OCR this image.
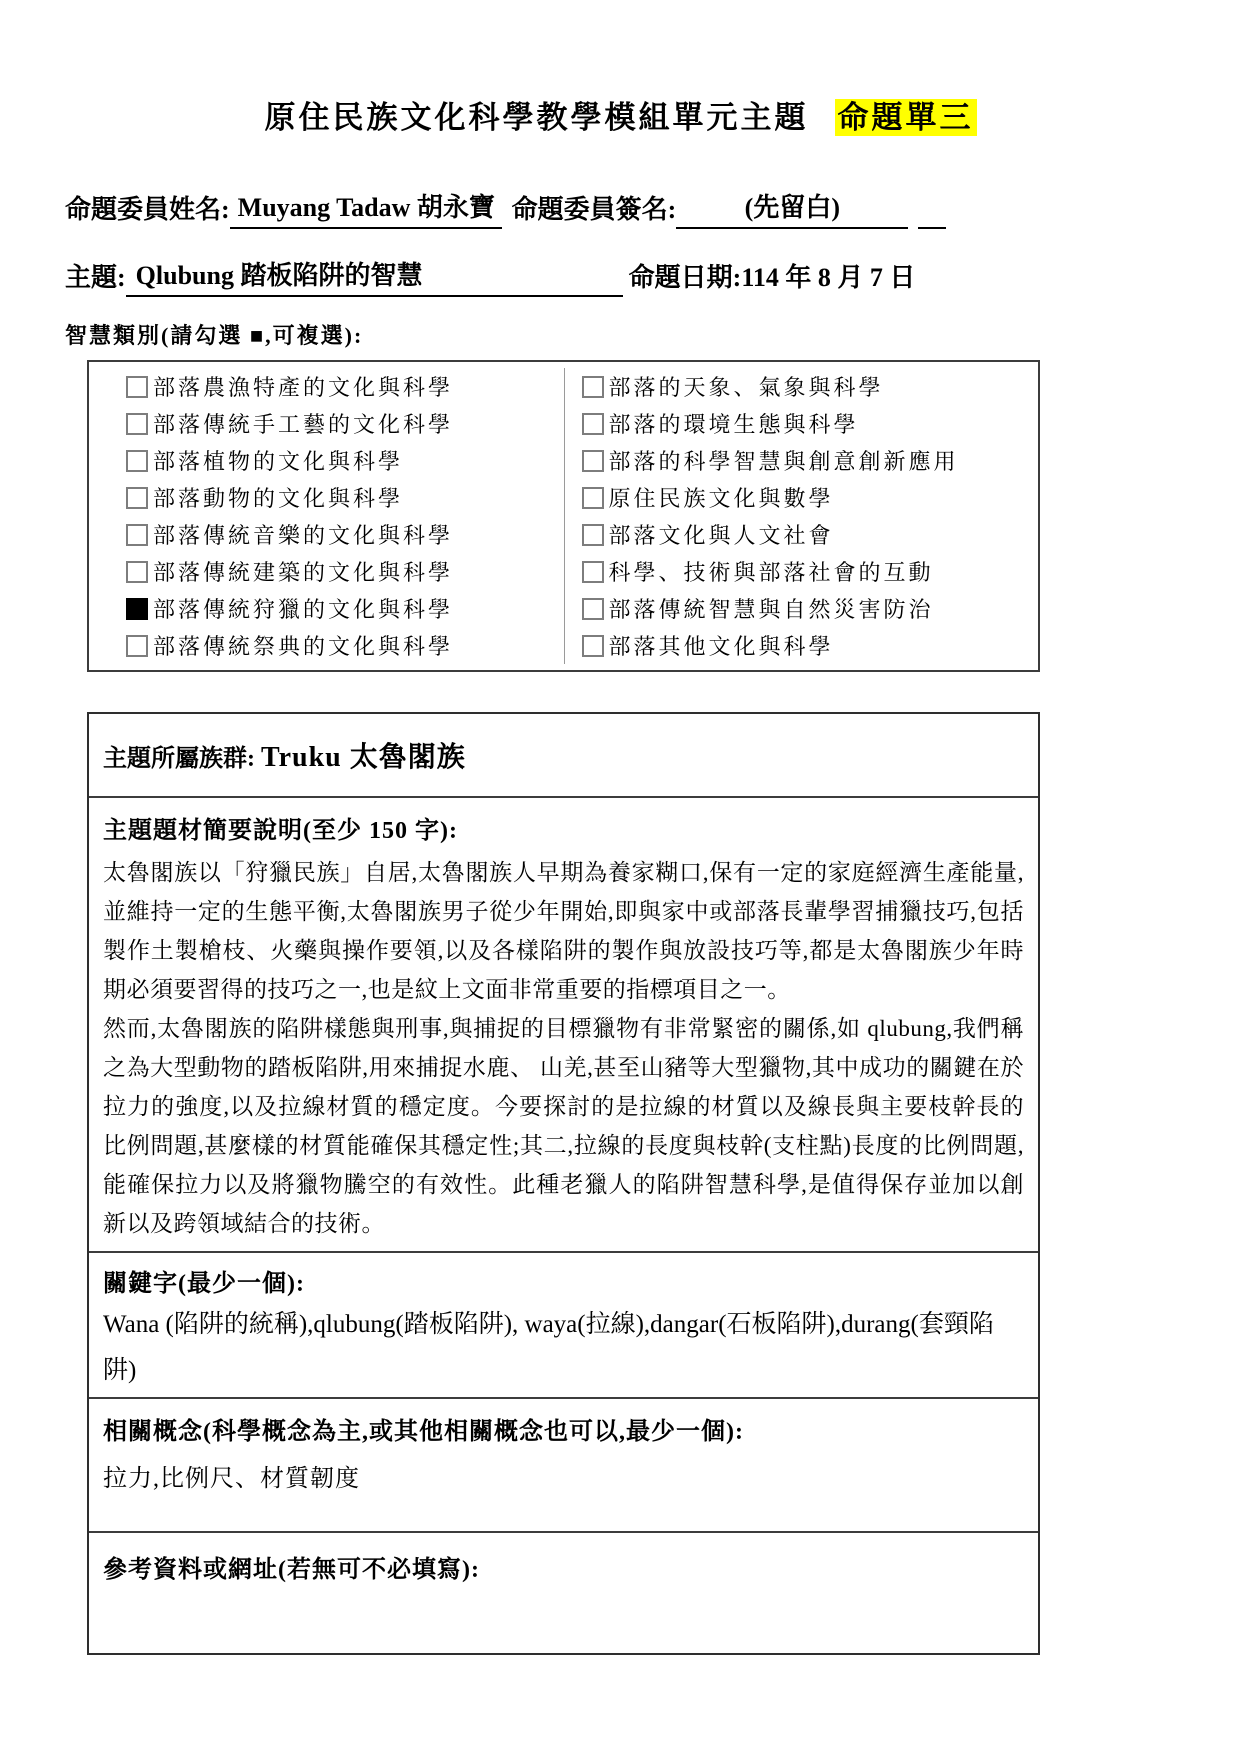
原住民族文化科學教學模組單元主題 命題單三
命題委員姓名: Muyang Tadaw 胡永寶 命題委員簽名:	(先留白)
主題: Qlubung 踏板陷阱的智慧	命題日期:114 年 8 月 7 日
智慧類別(請勾選 ■,可複選):
部落農漁特產的文化與科學
部落傳統手工藝的文化科學
部落植物的文化與科學
部落動物的文化與科學
部落傳統音樂的文化與科學
部落傳統建築的文化與科學
部落傳統狩獵的文化與科學
部落傳統祭典的文化與科學
部落的天象、氣象與科學
部落的環境生態與科學
部落的科學智慧與創意創新應用
原住民族文化與數學
部落文化與人文社會
科學、技術與部落社會的互動
部落傳統智慧與自然災害防治
部落其他文化與科學
主題所屬族群: Truku 太魯閣族
主題題材簡要說明(至少 150 字):

太魯閣族以「狩獵民族」自居,太魯閣族人早期為養家糊口,保有一定的家庭經濟生產能量,並維持一定的生態平衡,太魯閣族男子從少年開始,即與家中或部落長輩學習捕獵技巧,包括製作土製槍枝、火藥與操作要領,以及各樣陷阱的製作與放設技巧等,都是太魯閣族少年時期必須要習得的技巧之一,也是紋上文面非常重要的指標項目之一。

然而,太魯閣族的陷阱樣態與刑事,與捕捉的目標獵物有非常緊密的關係,如 qlubung,我們稱之為大型動物的踏板陷阱,用來捕捉水鹿、 山羌,甚至山豬等大型獵物,其中成功的關鍵在於拉力的強度,以及拉線材質的穩定度。今要探討的是拉線的材質以及線長與主要枝幹長的比例問題,甚麼樣的材質能確保其穩定性;其二,拉線的長度與枝幹(支柱點)長度的比例問題,能確保拉力以及將獵物騰空的有效性。此種老獵人的陷阱智慧科學,是值得保存並加以創新以及跨領域結合的技術。

關鍵字(最少一個):
Wana (陷阱的統稱),qlubung(踏板陷阱), waya(拉線),dangar(石板陷阱),durang(套頸陷阱)
相關概念(科學概念為主,或其他相關概念也可以,最少一個):
拉力,比例尺、材質韌度
參考資料或網址(若無可不必填寫):
